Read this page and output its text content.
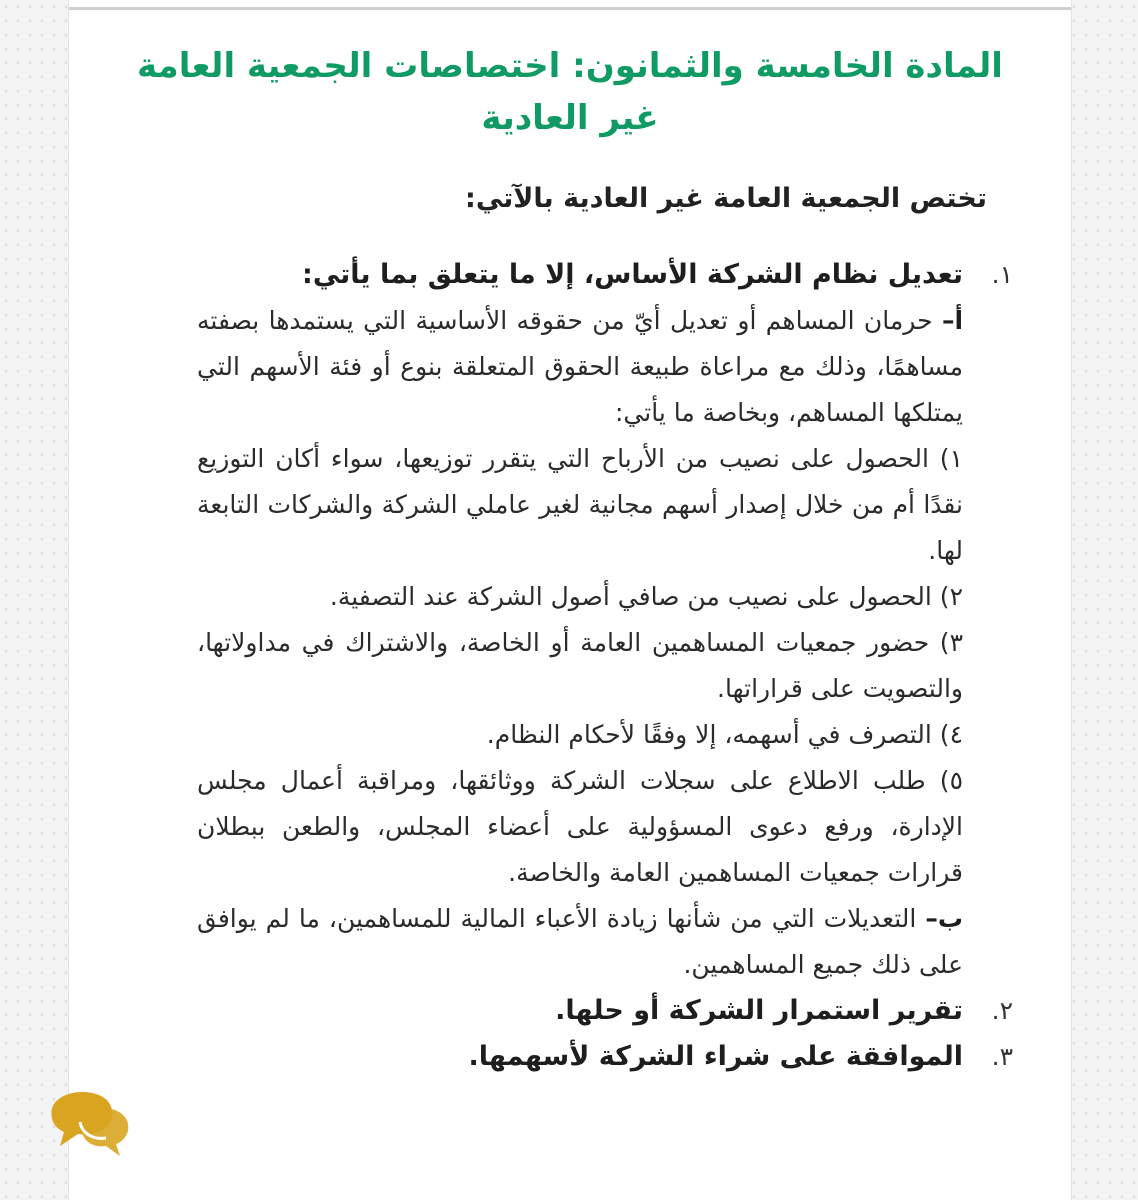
المادة الخامسة والثمانون: اختصاصات الجمعية العامة غير العادية

تختص الجمعية العامة غير العادية بالآتي:

١.
تعديل نظام الشركة الأساس، إلا ما يتعلق بما يأتي:

أ– حرمان المساهم أو تعديل أيّ من حقوقه الأساسية التي يستمدها بصفته مساهمًا، وذلك مع مراعاة طبيعة الحقوق المتعلقة بنوع أو فئة الأسهم التي يمتلكها المساهم، وبخاصة ما يأتي:

١) الحصول على نصيب من الأرباح التي يتقرر توزيعها، سواء أكان التوزيع نقدًا أم من خلال إصدار أسهم مجانية لغير عاملي الشركة والشركات التابعة لها.

٢) الحصول على نصيب من صافي أصول الشركة عند التصفية.

٣) حضور جمعيات المساهمين العامة أو الخاصة، والاشتراك في مداولاتها، والتصويت على قراراتها.

٤) التصرف في أسهمه، إلا وفقًا لأحكام النظام.

٥) طلب الاطلاع على سجلات الشركة ووثائقها، ومراقبة أعمال مجلس الإدارة، ورفع دعوى المسؤولية على أعضاء المجلس، والطعن ببطلان قرارات جمعيات المساهمين العامة والخاصة.

ب– التعديلات التي من شأنها زيادة الأعباء المالية للمساهمين، ما لم يوافق على ذلك جميع المساهمين.

٢.
تقرير استمرار الشركة أو حلها.
٣.
الموافقة على شراء الشركة لأسهمها.
